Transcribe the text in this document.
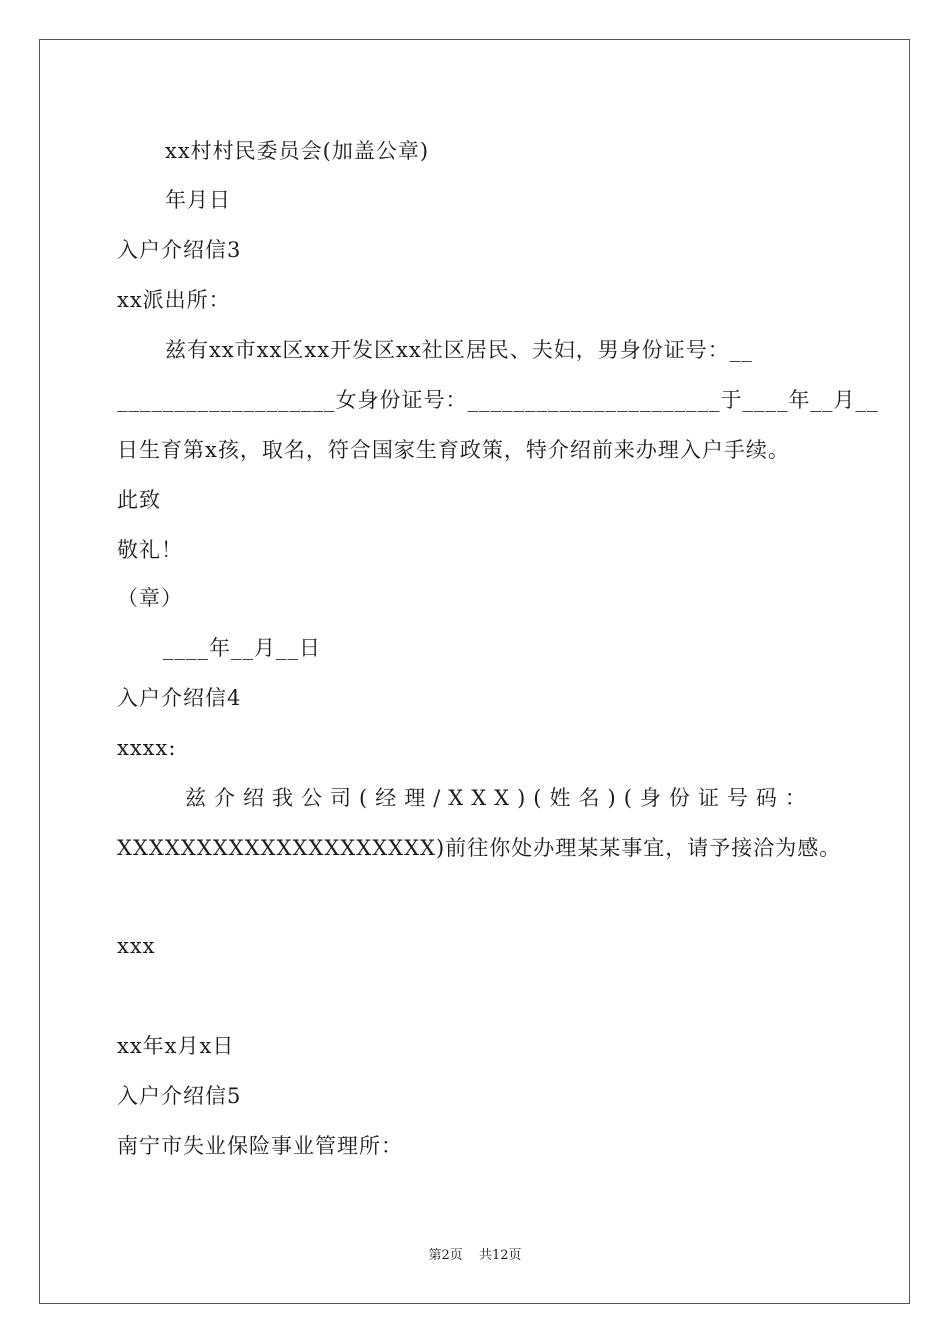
xx村村民委员会(加盖公章)
年月日
入户介绍信3
xx派出所：
兹有xx市xx区xx开发区xx社区居民、夫妇，男身份证号：__
___________________女身份证号：______________________于____年__月__
日生育第x孩，取名，符合国家生育政策，特介绍前来办理入户手续。
此致
敬礼！
（章）
____年__月__日
入户介绍信4
xxxx:
兹介绍我公司(经理/XXX)(姓名)(身份证号码：
XXXXXXXXXXXXXXXXXXXX)前往你处办理某某事宜，请予接洽为感。
xxx
xx年x月x日
入户介绍信5
南宁市失业保险事业管理所：
第2页 共12页
